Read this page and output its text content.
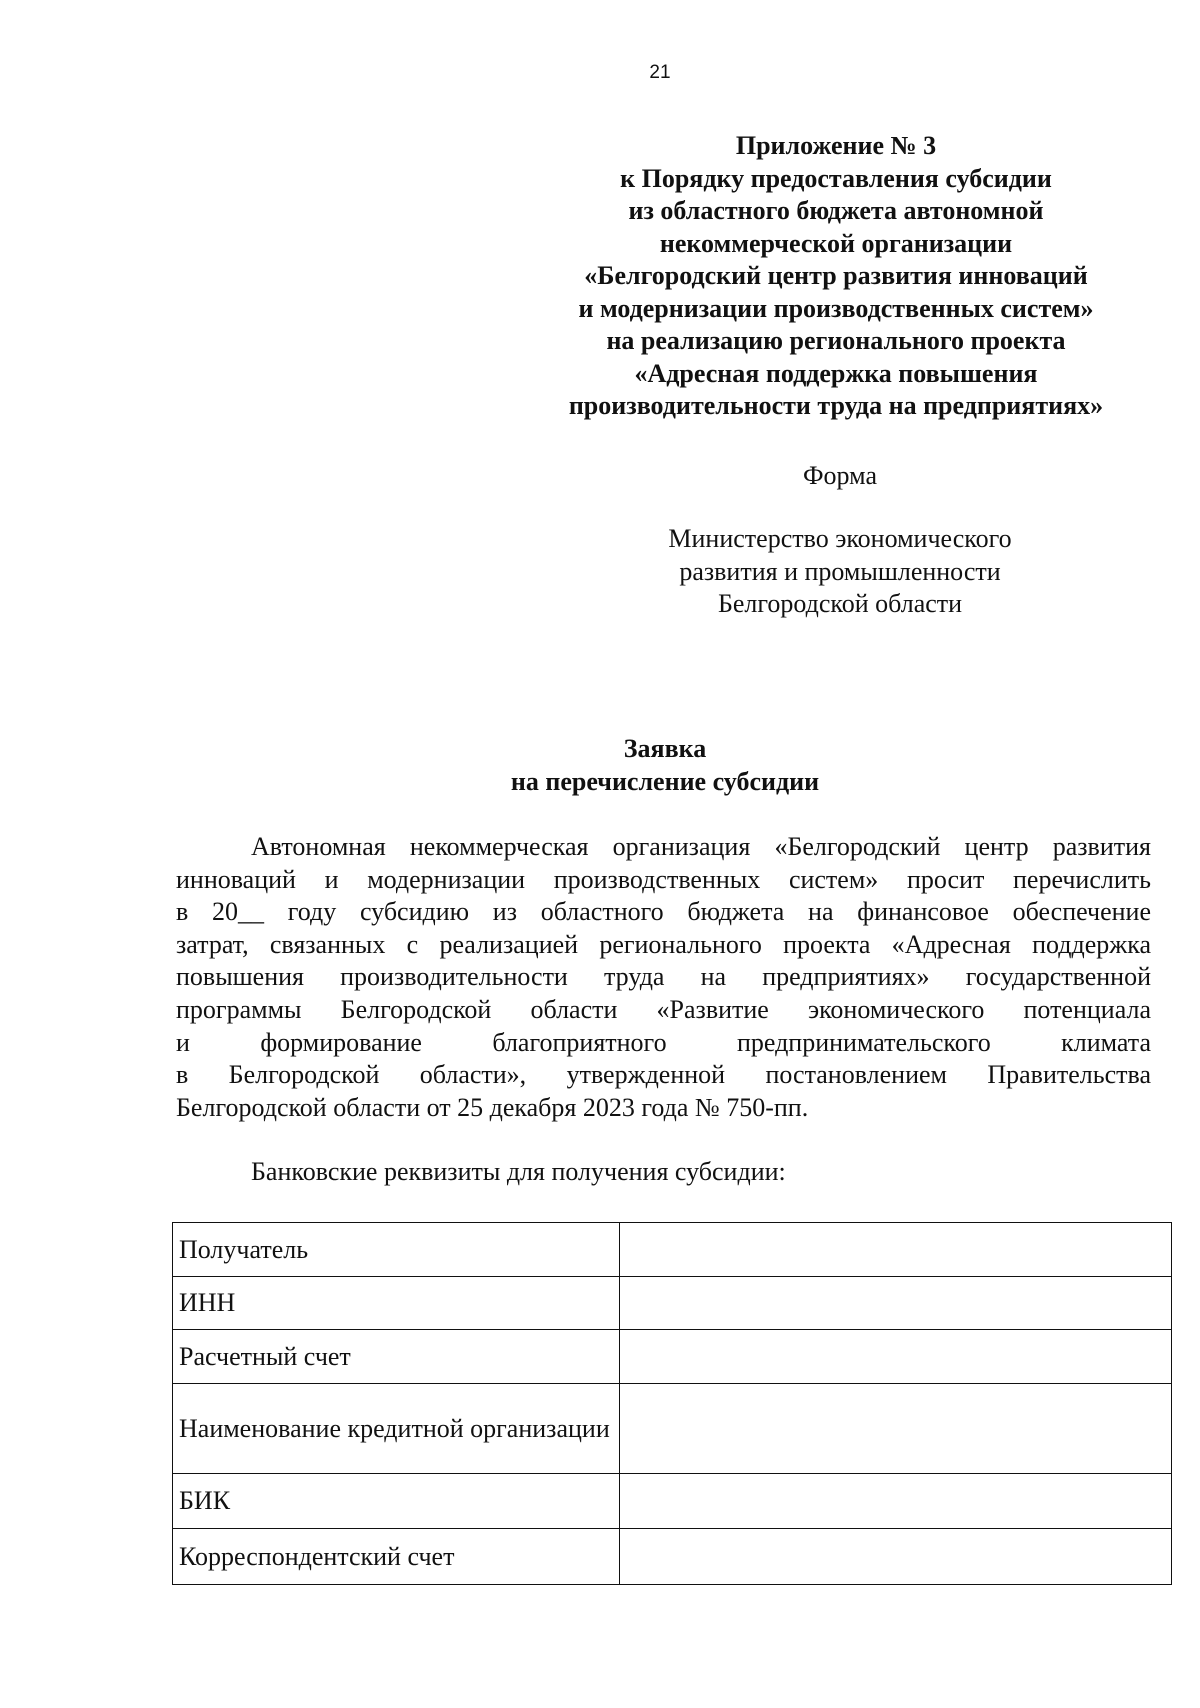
21
Приложение № 3
к Порядку предоставления субсидии
из областного бюджета автономной
некоммерческой организации
«Белгородский центр развития инноваций
и модернизации производственных систем»
на реализацию регионального проекта
«Адресная поддержка повышения
производительности труда на предприятиях»
Форма
Министерство экономического
развития и промышленности
Белгородской области
Заявка
на перечисление субсидии
Автономная некоммерческая организация «Белгородский центр развития
инноваций и модернизации производственных систем» просит перечислить
в 20__ году субсидию из областного бюджета на финансовое обеспечение
затрат, связанных с реализацией регионального проекта «Адресная поддержка
повышения производительности труда на предприятиях» государственной
программы Белгородской области «Развитие экономического потенциала
и формирование благоприятного предпринимательского климата
в Белгородской области», утвержденной постановлением Правительства
Белгородской области от 25 декабря 2023 года № 750-пп.
Банковские реквизиты для получения субсидии:
Получатель	
ИНН	
Расчетный счет	
Наименование кредитной организации	
БИК	
Корреспондентский счет	
